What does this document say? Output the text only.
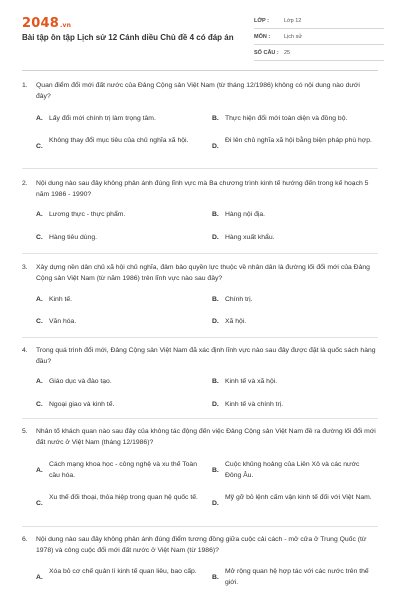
2048.vn
Bài tập ôn tập Lịch sử 12 Cánh diều Chủ đề 4 có đáp án
LỚP :	Lớp 12
MÔN :	Lịch sử
SỐ CÂU : 25
1. Quan điểm đổi mới đất nước của Đảng Cộng sản Việt Nam (từ tháng 12/1986) không có nội dung nào dưới đây?
A. Lấy đổi mới chính trị làm trọng tâm.	B. Thực hiện đổi mới toàn diện và đồng bộ.
C.
Không thay đổi mục tiêu của chủ nghĩa xã hội.
D.
Đi lên chủ nghĩa xã hội bằng biện pháp phù hợp.
2. Nội dung nào sau đây không phản ánh đúng lĩnh vực mà Ba chương trình kinh tế hướng đến trong kế hoạch 5 năm 1986 - 1990?
A. Lương thực - thực phẩm.	B. Hàng nội địa.
C. Hàng tiêu dùng.	D. Hàng xuất khẩu.
3. Xây dựng nền dân chủ xã hội chủ nghĩa, đảm bảo quyền lực thuộc về nhân dân là đường lối đổi mới của Đảng Cộng sản Việt Nam (từ năm 1986) trên lĩnh vực nào sau đây?
A. Kinh tế.	B. Chính trị.
C. Văn hóa.	D. Xã hội.
4. Trong quá trình đổi mới, Đảng Cộng sản Việt Nam đã xác định lĩnh vực nào sau đây được đặt là quốc sách hàng đầu?
A. Giáo dục và đào tạo.	B. Kinh tế và xã hội.
C. Ngoại giao và kinh tế.	D. Kinh tế và chính trị.
5. Nhân tố khách quan nào sau đây của không tác động đến việc Đảng Cộng sản Việt Nam đề ra đường lối đổi mới đất nước ở Việt Nam (tháng 12/1986)?
A.
Cách mạng khoa học - công nghệ và xu thế Toàn cầu hóa.
B.
Cuộc khủng hoảng của Liên Xô và các nước Đông Âu.
C.
Xu thế đối thoại, thỏa hiệp trong quan hệ quốc tế.
D.
Mỹ gỡ bỏ lệnh cấm vận kinh tế đối với Việt Nam.
6. Nội dung nào sau đây không phản ánh đúng điểm tương đồng giữa cuộc cải cách - mở cửa ở Trung Quốc (từ 1978) và công cuộc đổi mới đất nước ở Việt Nam (từ 1986)?
A.
Xóa bỏ cơ chế quản lí kinh tế quan liêu, bao cấp.
B.
Mở rộng quan hệ hợp tác với các nước trên thế giới.
